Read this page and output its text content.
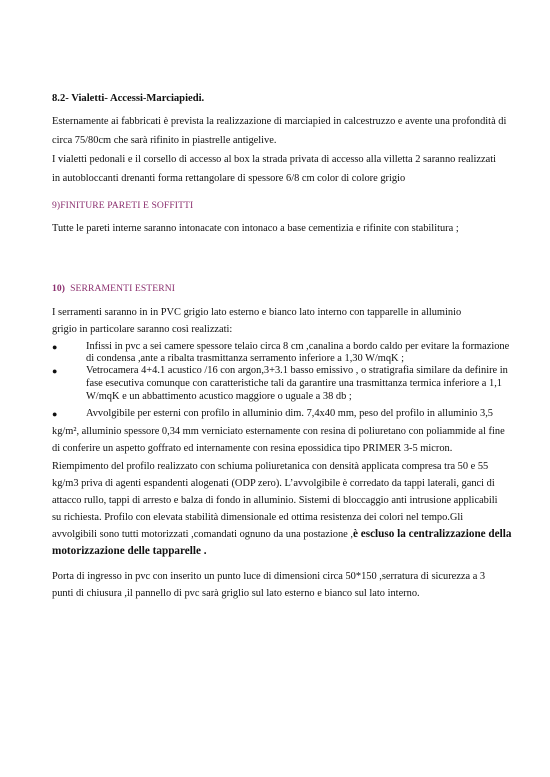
8.2- Vialetti- Accessi-Marciapiedi.
Esternamente ai fabbricati è prevista la realizzazione di marciapied in calcestruzzo e avente una profondità di
circa 75/80cm che sarà rifinito in piastrelle antigelive.
I vialetti pedonali e il corsello di accesso al box la strada privata di accesso alla villetta 2 saranno realizzati
in autobloccanti drenanti forma rettangolare di spessore 6/8 cm color di colore grigio
9)FINITURE PARETI E SOFFITTI
Tutte le pareti interne saranno intonacate con intonaco a base cementizia e rifinite con stabilitura ;
10) SERRAMENTI ESTERNI
I serramenti saranno in in PVC grigio lato esterno e bianco lato interno con tapparelle in alluminio
grigio in particolare saranno così realizzati:
●	Infissi in pvc a sei camere spessore telaio circa 8 cm ,canalina a bordo caldo per evitare la formazione
di condensa ,ante a ribalta trasmittanza serramento inferiore a 1,30 W/mqK ;
●	Vetrocamera 4+4.1 acustico /16 con argon,3+3.1 basso emissivo , o stratigrafia similare da definire in
fase esecutiva comunque con caratteristiche tali da garantire una trasmittanza termica inferiore a 1,1
W/mqK e un abbattimento acustico maggiore o uguale a 38 db ;
●	Avvolgibile per esterni con profilo in alluminio dim. 7,4x40 mm, peso del profilo in alluminio 3,5
kg/m², alluminio spessore 0,34 mm verniciato esternamente con resina di poliuretano con poliammide al fine
di conferire un aspetto goffrato ed internamente con resina epossidica tipo PRIMER 3-5 micron.
Riempimento del profilo realizzato con schiuma poliuretanica con densità applicata compresa tra 50 e 55
kg/m3 priva di agenti espandenti alogenati (ODP zero). L’avvolgibile è corredato da tappi laterali, ganci di
attacco rullo, tappi di arresto e balza di fondo in alluminio. Sistemi di bloccaggio anti intrusione applicabili
su richiesta. Profilo con elevata stabilità dimensionale ed ottima resistenza dei colori nel tempo.Gli
avvolgibili sono tutti motorizzati ,comandati ognuno da una postazione ,è escluso la centralizzazione della
motorizzazione delle tapparelle .
Porta di ingresso in pvc con inserito un punto luce di dimensioni circa 50*150 ,serratura di sicurezza a 3
punti di chiusura ,il pannello di pvc sarà griglio sul lato esterno e bianco sul lato interno.
